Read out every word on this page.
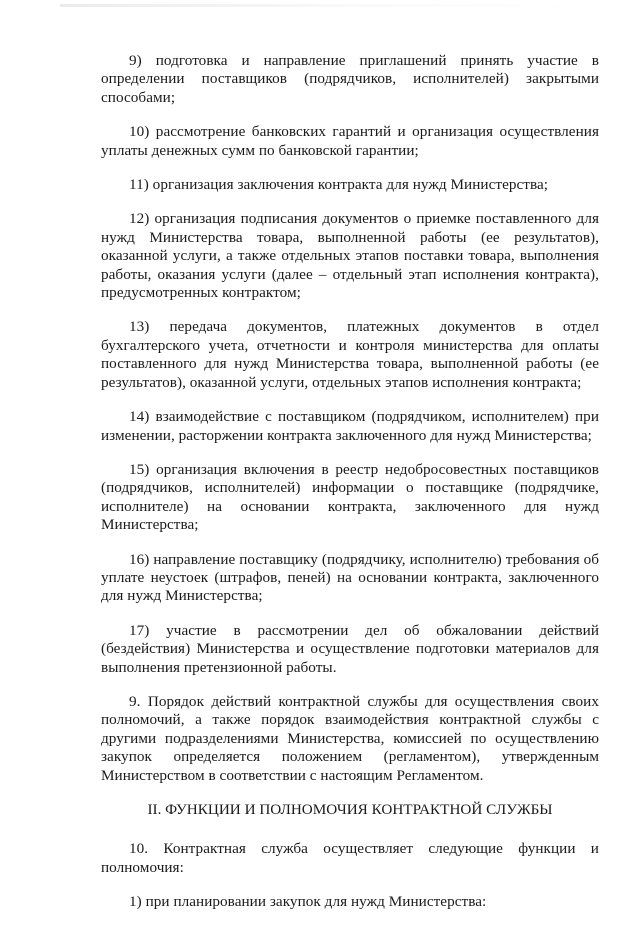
9) подготовка и направление приглашений принять участие в определении поставщиков (подрядчиков, исполнителей) закрытыми способами;

10) рассмотрение банковских гарантий и организация осуществления уплаты денежных сумм по банковской гарантии;

11) организация заключения контракта для нужд Министерства;

12) организация подписания документов о приемке поставленного для нужд Министерства товара, выполненной работы (ее результатов), оказанной услуги, а также отдельных этапов поставки товара, выполнения работы, оказания услуги (далее – отдельный этап исполнения контракта), предусмотренных контрактом;

13) передача документов, платежных документов в отдел бухгалтерского учета, отчетности и контроля министерства для оплаты поставленного для нужд Министерства товара, выполненной работы (ее результатов), оказанной услуги, отдельных этапов исполнения контракта;

14) взаимодействие с поставщиком (подрядчиком, исполнителем) при изменении, расторжении контракта заключенного для нужд Министерства;

15) организация включения в реестр недобросовестных поставщиков (подрядчиков, исполнителей) информации о поставщике (подрядчике, исполнителе) на основании контракта, заключенного для нужд Министерства;

16) направление поставщику (подрядчику, исполнителю) требования об уплате неустоек (штрафов, пеней) на основании контракта, заключенного для нужд Министерства;

17) участие в рассмотрении дел об обжаловании действий (бездействия) Министерства и осуществление подготовки материалов для выполнения претензионной работы.

9. Порядок действий контрактной службы для осуществления своих полномочий, а также порядок взаимодействия контрактной службы с другими подразделениями Министерства, комиссией по осуществлению закупок определяется положением (регламентом), утвержденным Министерством в соответствии с настоящим Регламентом.

II. ФУНКЦИИ И ПОЛНОМОЧИЯ КОНТРАКТНОЙ СЛУЖБЫ

10. Контрактная служба осуществляет следующие функции и полномочия:

1) при планировании закупок для нужд Министерства:
